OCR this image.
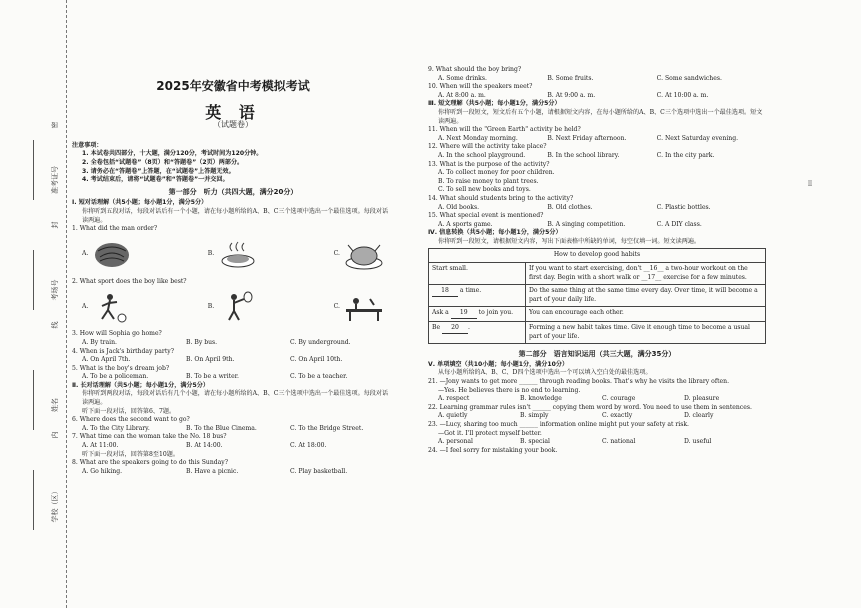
准考证号
考场号
姓名
学校（区）
密
封
线
内
2025年安徽省中考模拟考试
英 语
（试题卷）
注意事项：
1. 本试卷共四部分，十大题，满分120分，考试时间为120分钟。
2. 全卷包括“试题卷”（8页）和“答题卷”（2页）两部分。
3. 请务必在“答题卷”上答题，在“试题卷”上答题无效。
4. 考试结束后，请将“试题卷”和“答题卷”一并交回。
第一部分　听力（共四大题，满分20分）
Ⅰ. 短对话理解（共5小题；每小题1分，满分5分）
你将听到五段对话，每段对话后有一个小题，请在每小题所给的A、B、C三个选项中选出一个最佳选项。每段对话读两遍。
1. What did the man order?
A.	B.	C.
2. What sport does the boy like best?
A.	B.	C.
3. How will Sophia go home?
A. By train.	B. By bus.	C. By underground.
4. When is Jack's birthday party?
A. On April 7th.	B. On April 9th.	C. On April 10th.
5. What is the boy's dream job?
A. To be a policeman.	B. To be a writer.	C. To be a teacher.
Ⅱ. 长对话理解（共5小题；每小题1分，满分5分）
你将听到两段对话，每段对话后有几个小题，请在每小题所给的A、B、C三个选项中选出一个最佳选项。每段对话读两遍。
听下面一段对话，回答第6、7题。
6. Where does the second want to go?
A. To the City Library.	B. To the Blue Cinema.	C. To the Bridge Street.
7. What time can the woman take the No. 18 bus?
A. At 11:00.	B. At 14:00.	C. At 18:00.
听下面一段对话，回答第8至10题。
8. What are the speakers going to do this Sunday?
A. Go hiking.	B. Have a picnic.	C. Play basketball.
9. What should the boy bring?
A. Some drinks.	B. Some fruits.	C. Some sandwiches.
10. When will the speakers meet?
A. At 8:00 a. m.	B. At 9:00 a. m.	C. At 10:00 a. m.
Ⅲ. 短文理解（共5小题；每小题1分，满分5分）
你将听到一段短文，短文后有五个小题，请根据短文内容，在每小题所给的A、B、C三个选项中选出一个最佳选项。短文读两遍。
11. When will the "Green Earth" activity be held?
A. Next Monday morning.	B. Next Friday afternoon.	C. Next Saturday evening.
12. Where will the activity take place?
A. In the school playground.	B. In the school library.	C. In the city park.
13. What is the purpose of the activity?
A. To collect money for poor children.
B. To raise money to plant trees.
C. To sell new books and toys.
14. What should students bring to the activity?
A. Old books.	B. Old clothes.	C. Plastic bottles.
15. What special event is mentioned?
A. A sports game.	B. A singing competition.	C. A DIY class.
Ⅳ. 信息转换（共5小题；每小题1分，满分5分）
你将听到一段短文，请根据短文内容，写出下面表格中所缺的单词，每空仅填一词。短文读两遍。
How to develop good habits	
Start small.	If you want to start exercising, don't __16__ a two-hour workout on the first day. Begin with a short walk or __17__ exercise for a few minutes.
18 a time.	Do the same thing at the same time every day. Over time, it will become a part of your daily life.
Ask a 19 to join you.	You can encourage each other.
Be 20 .	Forming a new habit takes time. Give it enough time to become a usual part of your life.
第二部分　语言知识运用（共三大题，满分35分）
Ⅴ. 单项填空（共10小题；每小题1分，满分10分）
从每小题所给的A、B、C、D四个选项中选出一个可以填入空白处的最佳选项。
21. —Jony wants to get more ______ through reading books. That's why he visits the library often.
—Yes. He believes there is no end to learning.
A. respect	B. knowledge	C. courage	D. pleasure
22. Learning grammar rules isn't ______ copying them word by word. You need to use them in sentences.
A. quietly	B. simply	C. exactly	D. clearly
23. —Lucy, sharing too much ______ information online might put your safety at risk.
—Got it. I'll protect myself better.
A. personal	B. special	C. national	D. useful
24. —I feel sorry for mistaking your book.
Ⅱ
